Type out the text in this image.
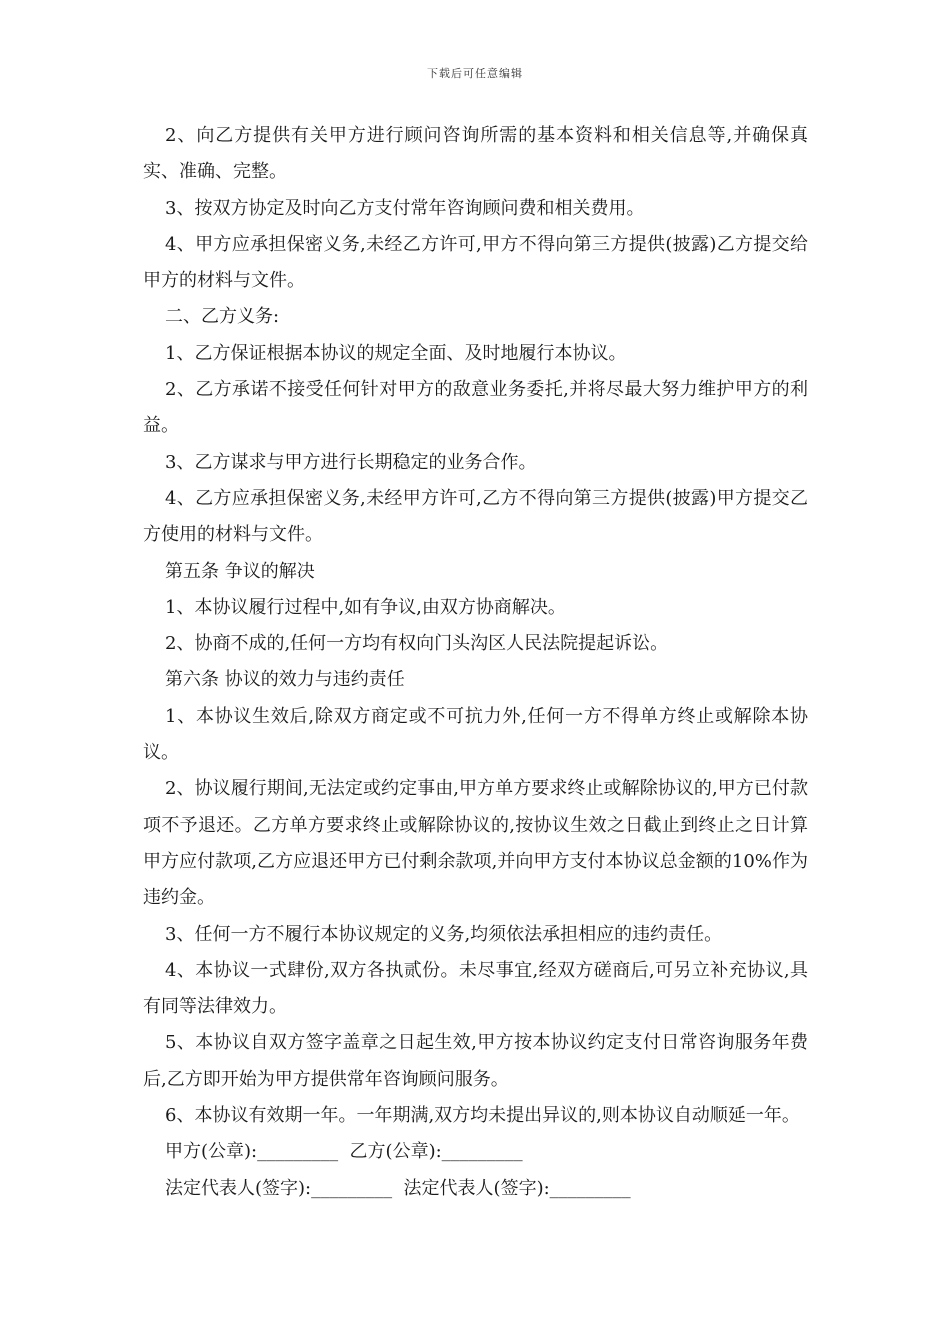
下载后可任意编辑

2、向乙方提供有关甲方进行顾问咨询所需的基本资料和相关信息等,并确保真实、准确、完整。

3、按双方协定及时向乙方支付常年咨询顾问费和相关费用。

4、甲方应承担保密义务,未经乙方许可,甲方不得向第三方提供(披露)乙方提交给甲方的材料与文件。

二、乙方义务:

1、乙方保证根据本协议的规定全面、及时地履行本协议。

2、乙方承诺不接受任何针对甲方的敌意业务委托,并将尽最大努力维护甲方的利益。

3、乙方谋求与甲方进行长期稳定的业务合作。

4、乙方应承担保密义务,未经甲方许可,乙方不得向第三方提供(披露)甲方提交乙方使用的材料与文件。

第五条 争议的解决

1、本协议履行过程中,如有争议,由双方协商解决。

2、协商不成的,任何一方均有权向门头沟区人民法院提起诉讼。

第六条 协议的效力与违约责任

1、本协议生效后,除双方商定或不可抗力外,任何一方不得单方终止或解除本协议。

2、协议履行期间,无法定或约定事由,甲方单方要求终止或解除协议的,甲方已付款项不予退还。乙方单方要求终止或解除协议的,按协议生效之日截止到终止之日计算甲方应付款项,乙方应退还甲方已付剩余款项,并向甲方支付本协议总金额的10%作为违约金。

3、任何一方不履行本协议规定的义务,均须依法承担相应的违约责任。

4、本协议一式肆份,双方各执贰份。未尽事宜,经双方磋商后,可另立补充协议,具有同等法律效力。

5、本协议自双方签字盖章之日起生效,甲方按本协议约定支付日常咨询服务年费后,乙方即开始为甲方提供常年咨询顾问服务。

6、本协议有效期一年。一年期满,双方均未提出异议的,则本协议自动顺延一年。

甲方(公章):_________  乙方(公章):_________

法定代表人(签字):_________  法定代表人(签字):_________
